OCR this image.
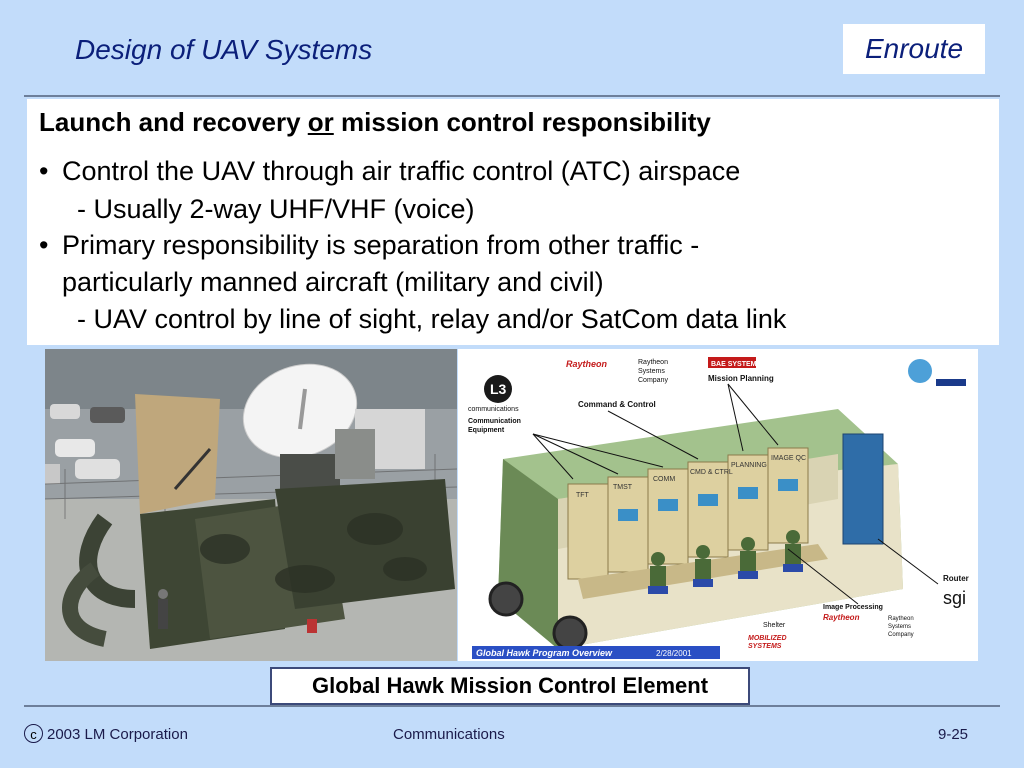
Design of UAV Systems	Enroute
Launch and recovery or mission control responsibility
• Control the UAV through air traffic control (ATC) airspace
- Usually 2-way UHF/VHF (voice)
• Primary responsibility is separation from other traffic -
particularly manned aircraft (military and civil)
- UAV control by line of sight, relay and/or SatCom data link
TFT
TMST
COMM
CMD & CTRL
PLANNING
IMAGE QC
Raytheon	Raytheon Systems Company
BAE SYSTEMS
Mission Planning
Command & Control
L3
communications
Communication Equipment
Router
sgi
Image Processing
Raytheon	Raytheon Systems Company
Shelter
MOBILIZED SYSTEMS
Global Hawk Program Overview	2/28/2001
Global Hawk Mission Control Element
c 2003 LM Corporation	Communications	9-25
